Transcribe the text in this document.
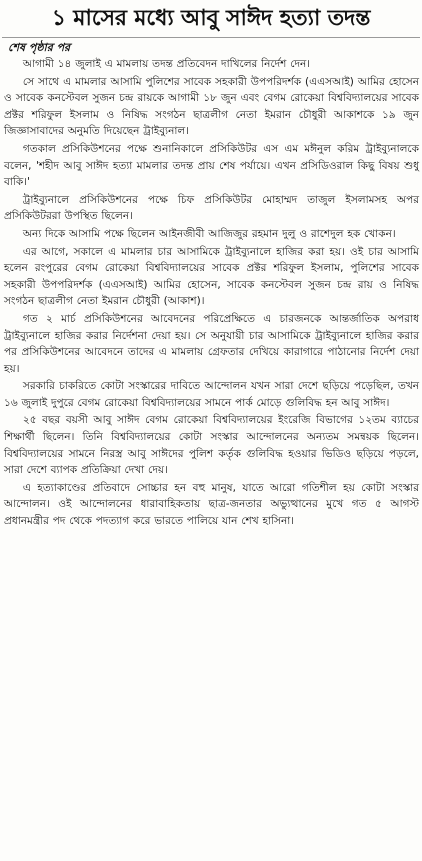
১ মাসের মধ্যে আবু সাঈদ হত্যা তদন্ত
শেষ পৃষ্ঠার পর

আগামী ১৪ জুলাই এ মামলায় তদন্ত প্রতিবেদন দাখিলের নির্দেশ দেন।

সে সাথে এ মামলার আসামি পুলিশের সাবেক সহকারী উপপরিদর্শক (এএসআই) আমির হোসেন ও সাবেক কনস্টেবল সুজন চন্দ্র রায়কে আগামী ১৮ জুন এবং বেগম রোকেয়া বিশ্ববিদ্যালয়ের সাবেক প্রক্টর শরিফুল ইসলাম ও নিষিদ্ধ সংগঠন ছাত্রলীগ নেতা ইমরান চৌধুরী আকাশকে ১৯ জুন জিজ্ঞাসাবাদের অনুমতি দিয়েছেন ট্রাইব্যুনাল।

গতকাল প্রসিকিউশনের পক্ষে শুনানিকালে প্রসিকিউটর এস এম মঈনুল করিম ট্রাইব্যুনালকে বলেন, 'শহীদ আবু সাঈদ হত্যা মামলার তদন্ত প্রায় শেষ পর্যায়ে। এখন প্রসিডিওরাল কিছু বিষয় শুধু বাকি।'

ট্রাইব্যুনালে প্রসিকিউশনের পক্ষে চিফ প্রসিকিউটর মোহাম্মদ তাজুল ইসলামসহ অপর প্রসিকিউটররা উপস্থিত ছিলেন।

অন্য দিকে আসামি পক্ষে ছিলেন আইনজীবী আজিজুর রহমান দুলু ও রাশেদুল হক খোকন।

এর আগে, সকালে এ মামলার চার আসামিকে ট্রাইব্যুনালে হাজির করা হয়। ওই চার আসামি হলেন রংপুরের বেগম রোকেয়া বিশ্ববিদ্যালয়ের সাবেক প্রক্টর শরিফুল ইসলাম, পুলিশের সাবেক সহকারী উপপরিদর্শক (এএসআই) আমির হোসেন, সাবেক কনস্টেবল সুজন চন্দ্র রায় ও নিষিদ্ধ সংগঠন ছাত্রলীগ নেতা ইমরান চৌধুরী (আকাশ)।

গত ২ মার্চ প্রসিকিউশনের আবেদনের পরিপ্রেক্ষিতে এ চারজনকে আন্তর্জাতিক অপরাধ ট্রাইব্যুনালে হাজির করার নির্দেশনা দেয়া হয়। সে অনুযায়ী চার আসামিকে ট্রাইব্যুনালে হাজির করার পর প্রসিকিউশনের আবেদনে তাদের এ মামলায় গ্রেফতার দেখিয়ে কারাগারে পাঠানোর নির্দেশ দেয়া হয়।

সরকারি চাকরিতে কোটা সংস্কারের দাবিতে আন্দোলন যখন সারা দেশে ছড়িয়ে পড়েছিল, তখন ১৬ জুলাই দুপুরে বেগম রোকেয়া বিশ্ববিদ্যালয়ের সামনে পার্ক মোড়ে গুলিবিদ্ধ হন আবু সাঈদ।

২৫ বছর বয়সী আবু সাঈদ বেগম রোকেয়া বিশ্ববিদ্যালয়ের ইংরেজি বিভাগের ১২তম ব্যাচের শিক্ষার্থী ছিলেন। তিনি বিশ্ববিদ্যালয়ের কোটা সংস্কার আন্দোলনের অন্যতম সমন্বয়ক ছিলেন। বিশ্ববিদ্যালয়ের সামনে নিরস্ত্র আবু সাঈদের পুলিশ কর্তৃক গুলিবিদ্ধ হওয়ার ভিডিও ছড়িয়ে পড়লে, সারা দেশে ব্যাপক প্রতিক্রিয়া দেখা দেয়।

এ হত্যাকাণ্ডের প্রতিবাদে সোচ্চার হন বহু মানুষ, যাতে আরো গতিশীল হয় কোটা সংস্কার আন্দোলন। ওই আন্দোলনের ধারাবাহিকতায় ছাত্র-জনতার অভ্যুত্থানের মুখে গত ৫ আগস্ট প্রধানমন্ত্রীর পদ থেকে পদত্যাগ করে ভারতে পালিয়ে যান শেখ হাসিনা।
